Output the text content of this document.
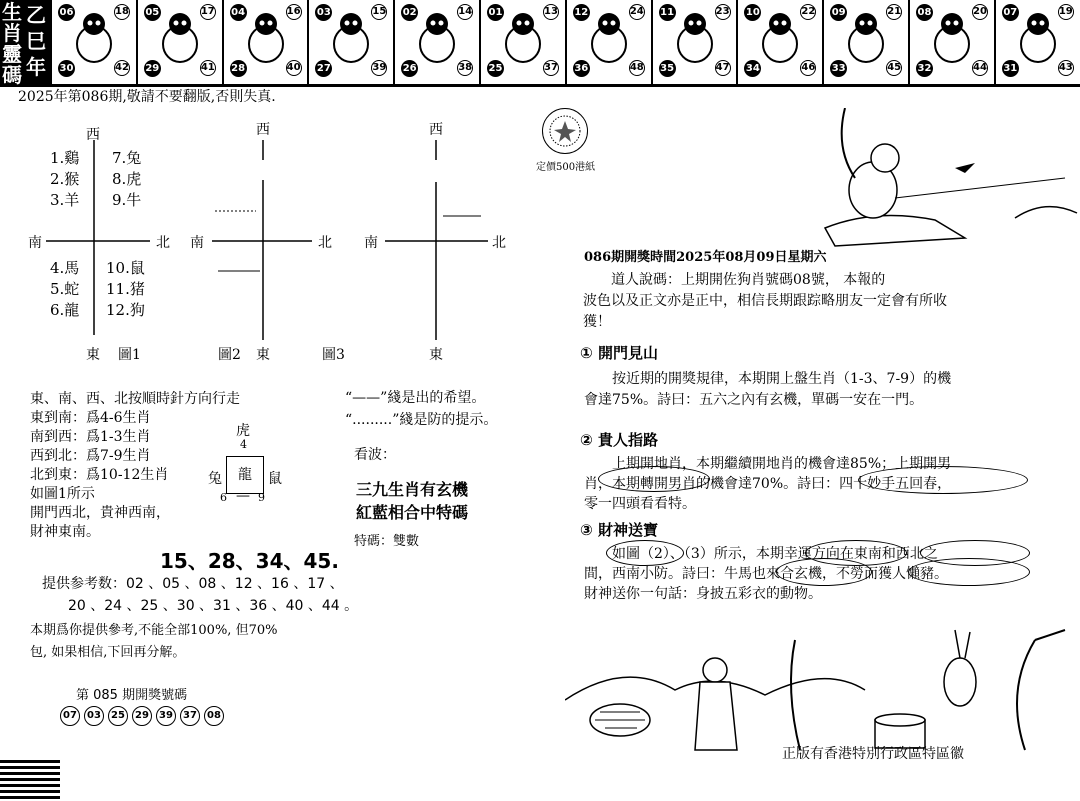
生肖靈碼
乙巳年
06	18
30	42
05	17
29	41
04	16
28	40
03	15
27	39
02	14
26	38
01	13
25	37
12	24
36	48
11	23
35	47
10	22
34	46
09	21
33	45
08	20
32	44
07	19
31	43
2025年第086期,敬請不要翻版,否則失真.
西
南	北
東 圖1
1.鷄
2.猴
3.羊
7.兔
8.虎
9.牛
4.馬
5.蛇
6.龍
10.鼠
11.猪
12.狗
西
南	北
東
圖2	圖3
西
南	北
東
東、南、西、北按順時針方向行走
東到南：爲4-6生肖
南到西：爲1-3生肖
西到北：爲7-9生肖
北到東：爲10-12生肖
如圖1所示
開門西北，貴神西南，
財神東南。
虎
4
兔	龍	鼠
6 — 9
“——”綫是出的希望。
“.........”綫是防的提示。
看波：
三九生肖有玄機
紅藍相合中特碼
特碼：雙數
15、28、34、45.
提供参考数：02 、05 、08 、12 、16 、17 、
20 、24 、25 、30 、31 、36 、40 、44 。
本期爲你提供參考,不能全部100%, 但70%
包, 如果相信,下回再分解。
第 085 期開獎號碼
07	03	25	29	39	37	08
定價500港紙
086期開獎時間2025年08月09日星期六
道人說碼：上期開佐狗肖號碼08號， 本報的
波色以及正文亦是正中，相信長期跟踪略朋友一定會有所收
獲！
① 開門見山
按近期的開獎規律，本期開上盤生肖（1-3、7-9）的機
會達75%。詩曰：五六之內有玄機，單碼一安在一門。
② 貴人指路
上期開地肖，本期繼續開地肖的機會達85%；上期開男
肖，本期轉開男肖的機會達70%。詩曰：四十妙手五回春，
零一四頭看看特。
③ 財神送寶
如圖（2）、（3）所示，本期幸運方向在東南和西北之
間，西南小防。詩曰：牛馬也來合玄機，不勞而獲人懶豬。
財神送你一句話：身披五彩衣的動物。
正版有香港特別行政區特區徽
